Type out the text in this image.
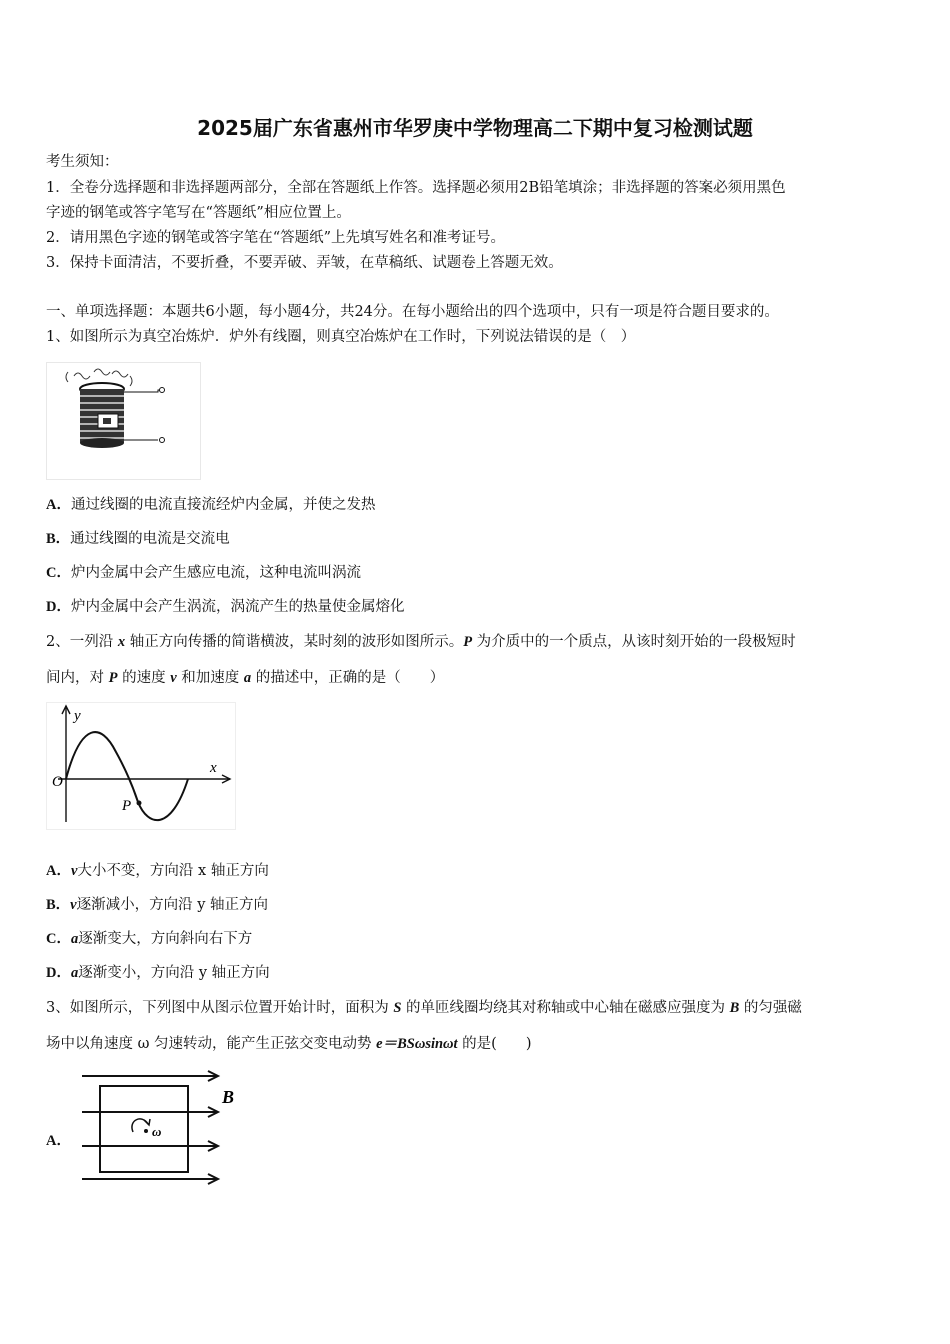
2025届广东省惠州市华罗庚中学物理高二下期中复习检测试题
考生须知：
1．全卷分选择题和非选择题两部分，全部在答题纸上作答。选择题必须用2B铅笔填涂；非选择题的答案必须用黑色
字迹的钢笔或答字笔写在“答题纸”相应位置上。
2．请用黑色字迹的钢笔或答字笔在“答题纸”上先填写姓名和准考证号。
3．保持卡面清洁，不要折叠，不要弄破、弄皱，在草稿纸、试题卷上答题无效。
一、单项选择题：本题共6小题，每小题4分，共24分。在每小题给出的四个选项中，只有一项是符合题目要求的。
1、如图所示为真空冶炼炉．炉外有线圈，则真空冶炼炉在工作时，下列说法错误的是（　）
A．通过线圈的电流直接流经炉内金属，并使之发热
B．通过线圈的电流是交流电
C．炉内金属中会产生感应电流，这种电流叫涡流
D．炉内金属中会产生涡流，涡流产生的热量使金属熔化
2、一列沿 x 轴正方向传播的简谐横波，某时刻的波形如图所示。P 为介质中的一个质点，从该时刻开始的一段极短时
间内，对 P 的速度 v 和加速度 a 的描述中，正确的是（　　）
y
x
O
P
A．v大小不变，方向沿 x 轴正方向
B．v逐渐减小，方向沿 y 轴正方向
C．a逐渐变大，方向斜向右下方
D．a逐渐变小，方向沿 y 轴正方向
3、如图所示，下列图中从图示位置开始计时，面积为 S 的单匝线圈均绕其对称轴或中心轴在磁感应强度为 B 的匀强磁
场中以角速度 ω 匀速转动，能产生正弦交变电动势 e＝BSωsinωt 的是(　　)
A．
ω
B
